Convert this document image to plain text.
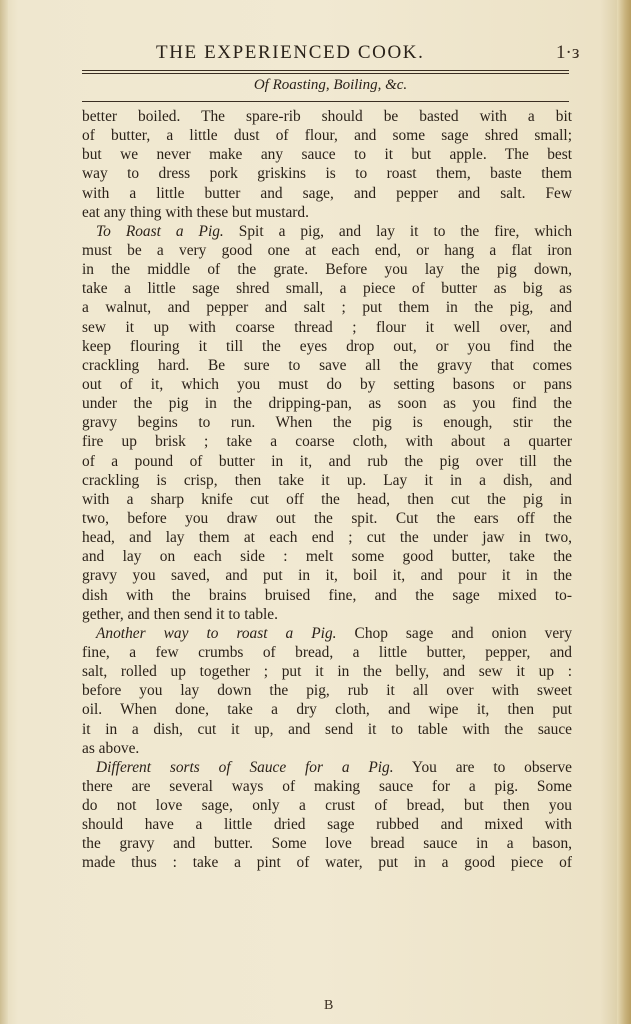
THE EXPERIENCED COOK.	1·з
Of Roasting, Boiling, &c.
better boiled. The spare-rib should be basted with a bit
of butter, a little dust of flour, and some sage shred small;
but we never make any sauce to it but apple. The best
way to dress pork griskins is to roast them, baste them
with a little butter and sage, and pepper and salt. Few
eat any thing with these but mustard.
To Roast a Pig. Spit a pig, and lay it to the fire, which
must be a very good one at each end, or hang a flat iron
in the middle of the grate. Before you lay the pig down,
take a little sage shred small, a piece of butter as big as
a walnut, and pepper and salt ; put them in the pig, and
sew it up with coarse thread ; flour it well over, and
keep flouring it till the eyes drop out, or you find the
crackling hard. Be sure to save all the gravy that comes
out of it, which you must do by setting basons or pans
under the pig in the dripping-pan, as soon as you find the
gravy begins to run. When the pig is enough, stir the
fire up brisk ; take a coarse cloth, with about a quarter
of a pound of butter in it, and rub the pig over till the
crackling is crisp, then take it up. Lay it in a dish, and
with a sharp knife cut off the head, then cut the pig in
two, before you draw out the spit. Cut the ears off the
head, and lay them at each end ; cut the under jaw in two,
and lay on each side : melt some good butter, take the
gravy you saved, and put in it, boil it, and pour it in the
dish with the brains bruised fine, and the sage mixed to-
gether, and then send it to table.
Another way to roast a Pig. Chop sage and onion very
fine, a few crumbs of bread, a little butter, pepper, and
salt, rolled up together ; put it in the belly, and sew it up :
before you lay down the pig, rub it all over with sweet
oil. When done, take a dry cloth, and wipe it, then put
it in a dish, cut it up, and send it to table with the sauce
as above.
Different sorts of Sauce for a Pig. You are to observe
there are several ways of making sauce for a pig. Some
do not love sage, only a crust of bread, but then you
should have a little dried sage rubbed and mixed with
the gravy and butter. Some love bread sauce in a bason,
made thus : take a pint of water, put in a good piece of
B
